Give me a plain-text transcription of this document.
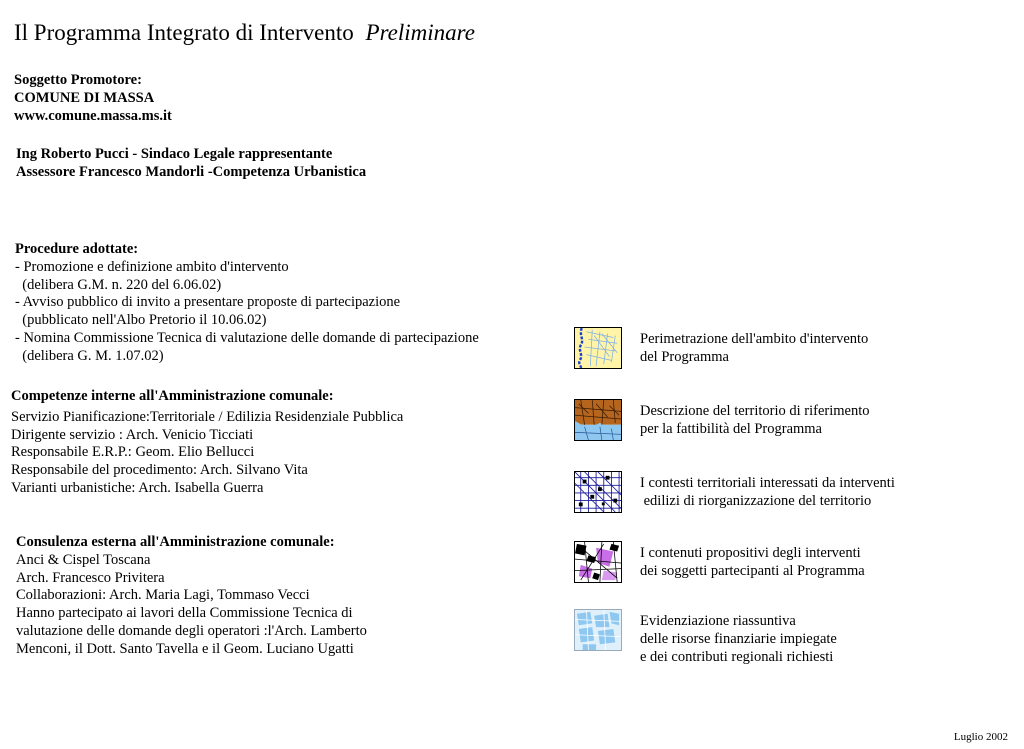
Il Programma Integrato di Intervento Preliminare
Soggetto Promotore:
COMUNE DI MASSA
www.comune.massa.ms.it
Ing Roberto Pucci - Sindaco Legale rappresentante
Assessore Francesco Mandorli -Competenza Urbanistica
Procedure adottate:
- Promozione e definizione ambito d'intervento
(delibera G.M. n. 220 del 6.06.02)
- Avviso pubblico di invito a presentare proposte di partecipazione
(pubblicato nell'Albo Pretorio il 10.06.02)
- Nomina Commissione Tecnica di valutazione delle domande di partecipazione
(delibera G. M. 1.07.02)
Competenze interne all'Amministrazione comunale:
Servizio Pianificazione:Territoriale / Edilizia Residenziale Pubblica
Dirigente servizio : Arch. Venicio Ticciati
Responsabile E.R.P.: Geom. Elio Bellucci
Responsabile del procedimento: Arch. Silvano Vita
Varianti urbanistiche: Arch. Isabella Guerra
Consulenza esterna all'Amministrazione comunale:
Anci & Cispel Toscana
Arch. Francesco Privitera
Collaborazioni: Arch. Maria Lagi, Tommaso Vecci
Hanno partecipato ai lavori della Commissione Tecnica di
valutazione delle domande degli operatori :l'Arch. Lamberto
Menconi, il Dott. Santo Tavella e il Geom. Luciano Ugatti
Perimetrazione dell'ambito d'intervento
del Programma
Descrizione del territorio di riferimento
per la fattibilità del Programma
I contesti territoriali interessati da interventi
edilizi di riorganizzazione del territorio
I contenuti propositivi degli interventi
dei soggetti partecipanti al Programma
Evidenziazione riassuntiva
delle risorse finanziarie impiegate
e dei contributi regionali richiesti
Luglio 2002
